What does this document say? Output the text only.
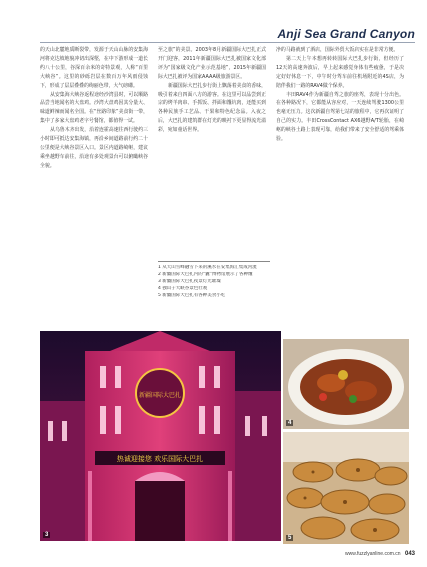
Anji Sea Grand Canyon

的天山北麓地质断裂带，发源于天山山脉的安集海河将克达坡地貌冲切出深壑，在中下游形成一道长约八十公里，谷深百余米的奇特景观，人称“百里大峡谷”。这里的砂砾岩层在数百万年风雨侵蚀下，形成了层层叠叠的绚丽色带，大气磅礴。

从安集海大峡谷返程途经沙湾县时，可以顺路品尝当地闻名的大盘鸡。沙湾大盘鸡因其分量大、味道鲜辣而闻名全国。在“丝路印象”美食街一带，集中了多家大盘鸡老字号餐馆，都值得一试。

从乌鲁木齐出发，沿着连霍高速往西行驶约三小时即可抵达安集海镇，再沿乡间道路前行约二十公里便是大峡谷景区入口。景区内道路崎岖，建议乘坐越野车前往，沿途有多处观景台可以俯瞰峡谷全貌。

至之旅”的美景。2003年8月新疆国际大巴扎正式开门迎客，2011年新疆国际大巴扎被国家文化部评为“国家级文化产业示范基地”，2015年新疆国际大巴扎被评为国家AAAA级旅游景区。

新疆国际大巴扎步行街上飘荡着美食的香味，吸引着来自四面八方的游客。在这里可以品尝到正宗的烤羊肉串、手抓饭、拌面和馕坑肉，还能买到各种民族手工艺品、干果和特色纪念品。入夜之后，大巴扎的建筑群在灯光的映衬下更显得流光溢彩，宛如童话世界。

1 从天山雪峰融雪下来的溪水在安集海汇集成河流
2 新疆国际大巴扎内的“囊”博物馆展示了各种馕
3 新疆国际大巴扎夜景灯光璀璨
4 独山子大峡谷景色壮观
5 新疆国际大巴扎有各种美食小吃

净的马路就到了酒店，国际外贸大饭店实在是非常方便。

第二天上午本想再转转国际大巴扎步行街，但经历了12天的高速奔波后，早上起来感觉身体有些疲惫，于是决定好好休息一下，中午时分驾车前往机场附近的4S店，为陪伴我们一路的RAV4做个保养。

丰田RAV4作为新疆自驾之旅的座驾，表现十分出色。在各种路况下，它都能从容应对，一天连续驾驶1300公里也毫无压力。这次新疆自驾第七站的旅程中，它再次证明了自己的实力。丰田CrossContact AX6越野A/T轮胎，在崎岖的峡谷土路上表现可靠，给我们带来了安全舒适的驾乘体验。

新疆国际大巴扎
热诚迎接您 欢乐国际大巴扎
3
4
5
www.fuzzlyanline.com.cn 043
